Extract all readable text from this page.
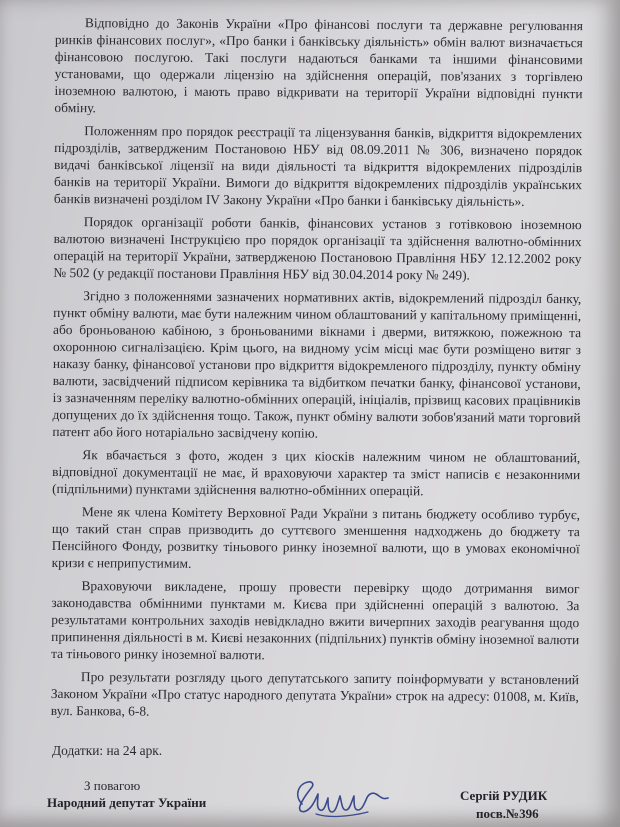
Відповідно до Законів України «Про фінансові послуги та державне регулювання ринків фінансових послуг», «Про банки і банківську діяльність» обмін валют визначається фінансовою послугою. Такі послуги надаються банками та іншими фінансовими установами, що одержали ліцензію на здійснення операцій, пов'язаних з торгівлею іноземною валютою, і мають право відкривати на території України відповідні пункти обміну.

Положенням про порядок реєстрації та ліцензування банків, відкриття відокремлених підрозділів, затвердженим Постановою НБУ від 08.09.2011 № 306, визначено порядок видачі банківської ліцензії на види діяльності та відкриття відокремлених підрозділів банків на території України. Вимоги до відкриття відокремлених підрозділів українських банків визначені розділом IV Закону України «Про банки і банківську діяльність».

Порядок організації роботи банків, фінансових установ з готівковою іноземною валютою визначені Інструкцією про порядок організації та здійснення валютно-обмінних операцій на території України, затвердженою Постановою Правління НБУ 12.12.2002 року № 502 (у редакції постанови Правління НБУ від 30.04.2014 року № 249).

Згідно з положеннями зазначених нормативних актів, відокремлений підрозділ банку, пункт обміну валюти, має бути належним чином облаштований у капітальному приміщенні, або броньованою кабіною, з броньованими вікнами і дверми, витяжкою, пожежною та охоронною сигналізацією. Крім цього, на видному усім місці має бути розміщено витяг з наказу банку, фінансової установи про відкриття відокремленого підрозділу, пункту обміну валюти, засвідчений підписом керівника та відбитком печатки банку, фінансової установи, із зазначенням переліку валютно-обмінних операцій, ініціалів, прізвищ касових працівників допущених до їх здійснення тощо. Також, пункт обміну валюти зобов'язаний мати торговий патент або його нотаріально засвідчену копію.

Як вбачається з фото, жоден з цих кіосків належним чином не облаштований, відповідної документації не має, й враховуючи характер та зміст написів є незаконними (підпільними) пунктами здійснення валютно-обмінних операцій.

Мене як члена Комітету Верховної Ради України з питань бюджету особливо турбує, що такий стан справ призводить до суттєвого зменшення надходжень до бюджету та Пенсійного Фонду, розвитку тіньового ринку іноземної валюти, що в умовах економічної кризи є неприпустимим.

Враховуючи викладене, прошу провести перевірку щодо дотримання вимог законодавства обмінними пунктами м. Києва при здійсненні операцій з валютою. За результатами контрольних заходів невідкладно вжити вичерпних заходів реагування щодо припинення діяльності в м. Києві незаконних (підпільних) пунктів обміну іноземної валюти та тіньового ринку іноземної валюти.

Про результати розгляду цього депутатського запиту поінформувати у встановлений Законом України «Про статус народного депутата України» строк на адресу: 01008, м. Київ, вул. Банкова, 6-8.

Додатки: на 24 арк.
З повагою
Народний депутат України	Сергій РУДИК
посв.№396
